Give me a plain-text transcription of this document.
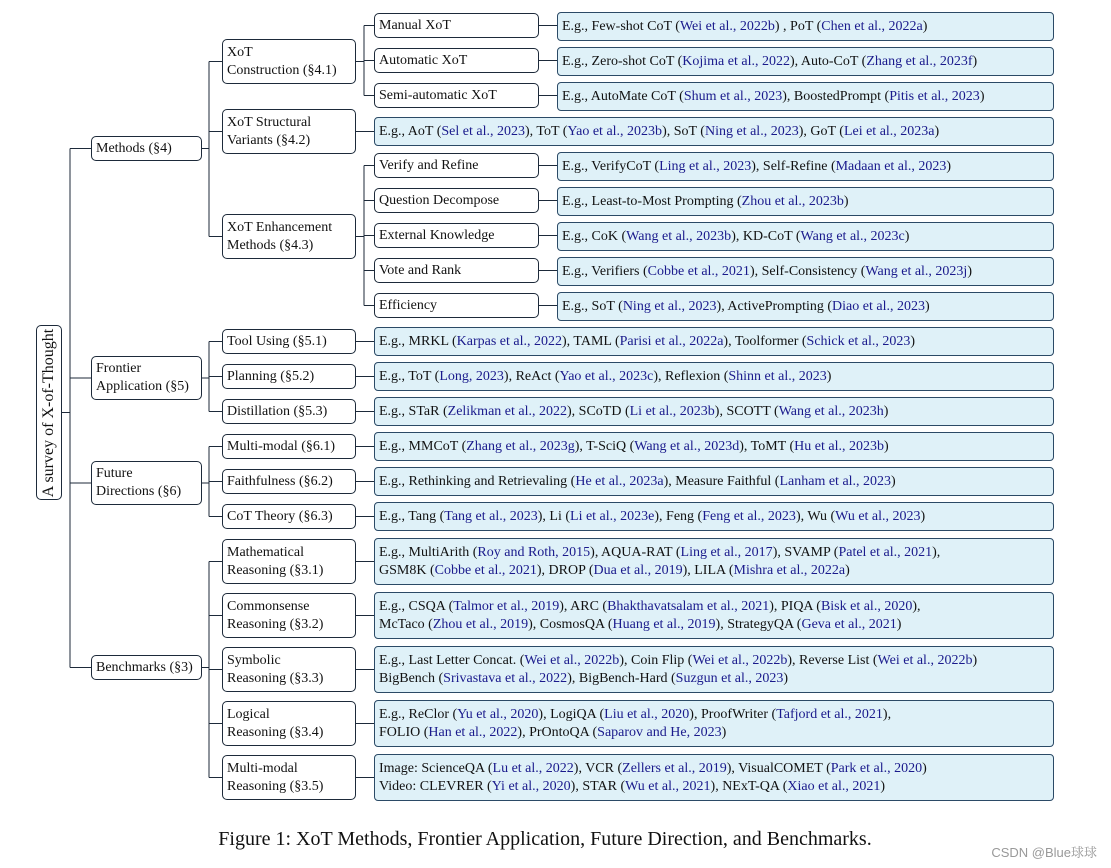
A survey of X-of-Thought
Methods (§4)
Frontier
Application (§5)
Future
Directions (§6)
Benchmarks (§3)
XoT
Construction (§4.1)
XoT Structural
Variants (§4.2)
XoT Enhancement
Methods (§4.3)
Tool Using (§5.1)
Planning (§5.2)
Distillation (§5.3)
Multi-modal (§6.1)
Faithfulness (§6.2)
CoT Theory (§6.3)
Mathematical
Reasoning (§3.1)
Commonsense
Reasoning (§3.2)
Symbolic
Reasoning (§3.3)
Logical
Reasoning (§3.4)
Multi-modal
Reasoning (§3.5)
Manual XoT
Automatic XoT
Semi-automatic XoT
Verify and Refine
Question Decompose
External Knowledge
Vote and Rank
Efficiency
E.g., Few-shot CoT (Wei et al., 2022b) , PoT (Chen et al., 2022a)
E.g., Zero-shot CoT (Kojima et al., 2022), Auto-CoT (Zhang et al., 2023f)
E.g., AutoMate CoT (Shum et al., 2023), BoostedPrompt (Pitis et al., 2023)
E.g., AoT (Sel et al., 2023), ToT (Yao et al., 2023b), SoT (Ning et al., 2023), GoT (Lei et al., 2023a)
E.g., VerifyCoT (Ling et al., 2023), Self-Refine (Madaan et al., 2023)
E.g., Least-to-Most Prompting (Zhou et al., 2023b)
E.g., CoK (Wang et al., 2023b), KD-CoT (Wang et al., 2023c)
E.g., Verifiers (Cobbe et al., 2021), Self-Consistency (Wang et al., 2023j)
E.g., SoT (Ning et al., 2023), ActivePrompting (Diao et al., 2023)
E.g., MRKL (Karpas et al., 2022), TAML (Parisi et al., 2022a), Toolformer (Schick et al., 2023)
E.g., ToT (Long, 2023), ReAct (Yao et al., 2023c), Reflexion (Shinn et al., 2023)
E.g., STaR (Zelikman et al., 2022), SCoTD (Li et al., 2023b), SCOTT (Wang et al., 2023h)
E.g., MMCoT (Zhang et al., 2023g), T-SciQ (Wang et al., 2023d), ToMT (Hu et al., 2023b)
E.g., Rethinking and Retrievaling (He et al., 2023a), Measure Faithful (Lanham et al., 2023)
E.g., Tang (Tang et al., 2023), Li (Li et al., 2023e), Feng (Feng et al., 2023), Wu (Wu et al., 2023)
E.g., MultiArith (Roy and Roth, 2015), AQUA-RAT (Ling et al., 2017), SVAMP (Patel et al., 2021),
GSM8K (Cobbe et al., 2021), DROP (Dua et al., 2019), LILA (Mishra et al., 2022a)
E.g., CSQA (Talmor et al., 2019), ARC (Bhakthavatsalam et al., 2021), PIQA (Bisk et al., 2020),
McTaco (Zhou et al., 2019), CosmosQA (Huang et al., 2019), StrategyQA (Geva et al., 2021)
E.g., Last Letter Concat. (Wei et al., 2022b), Coin Flip (Wei et al., 2022b), Reverse List (Wei et al., 2022b)
BigBench (Srivastava et al., 2022), BigBench-Hard (Suzgun et al., 2023)
E.g., ReClor (Yu et al., 2020), LogiQA (Liu et al., 2020), ProofWriter (Tafjord et al., 2021),
FOLIO (Han et al., 2022), PrOntoQA (Saparov and He, 2023)
Image: ScienceQA (Lu et al., 2022), VCR (Zellers et al., 2019), VisualCOMET (Park et al., 2020)
Video: CLEVRER (Yi et al., 2020), STAR (Wu et al., 2021), NExT-QA (Xiao et al., 2021)
Figure 1: XoT Methods, Frontier Application, Future Direction, and Benchmarks.
CSDN @Blue球球
